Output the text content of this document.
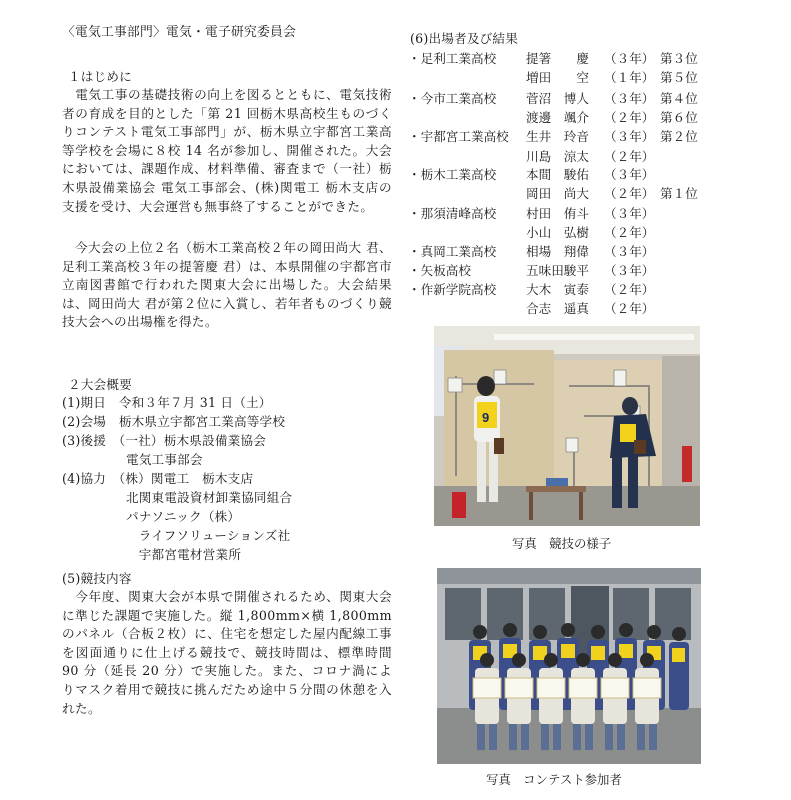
〈電気工事部門〉電気・電子研究委員会
１はじめに
　電気工事の基礎技術の向上を図るとともに、電気技術者の育成を目的とした「第 21 回栃木県高校生ものづくりコンテスト電気工事部門」が、栃木県立宇都宮工業高等学校を会場に８校 14 名が参加し、開催された。大会においては、課題作成、材料準備、審査まで（一社）栃木県設備業協会 電気工事部会、(株)関電工 栃木支店の支援を受け、大会運営も無事終了することができた。
　今大会の上位２名（栃木工業高校２年の岡田尚大 君、足利工業高校３年の提箸慶 君）は、本県開催の宇都宮市立南図書館で行われた関東大会に出場した。大会結果は、岡田尚大 君が第２位に入賞し、若年者ものづくり競技大会への出場権を得た。
２大会概要
(1)期日　令和３年７月 31 日（土）
(2)会場　栃木県立宇都宮工業高等学校
(3)後援　（一社）栃木県設備業協会
　　　　　電気工事部会
(4)協力　（株）関電工　栃木支店
　　　　　北関東電設資材卸業協同組合
　　　　　パナソニック（株）
　　　　　　ライフソリューションズ社
　　　　　　宇都宮電材営業所
(5)競技内容
　今年度、関東大会が本県で開催されるため、関東大会に準じた課題で実施した。縦 1,800mm×横 1,800mm のパネル（合板２枚）に、住宅を想定した屋内配線工事を図面通りに仕上げる競技で、競技時間は、標準時間 90 分（延長 20 分）で実施した。また、コロナ渦によりマスク着用で競技に挑んだため途中５分間の休憩を入れた。
(6)出場者及び結果
・足利工業高校 提箸　　慶 （３年） 第３位
増田　　空 （１年） 第５位
・今市工業高校 菅沼　博人 （３年） 第４位
渡邊　颯介 （２年） 第６位
・宇都宮工業高校 生井　玲音 （３年） 第２位
川島　涼太 （２年）
・栃木工業高校 本間　駿佑 （３年）
岡田　尚大 （２年） 第１位
・那須清峰高校 村田　侑斗 （３年）
小山　弘樹 （２年）
・真岡工業高校 相場　翔偉 （３年）
・矢板高校	五味田駿平 （３年）
・作新学院高校 大木　寅泰 （２年）
合志　遥真 （２年）
9
写真　競技の様子
写真　コンテスト参加者
